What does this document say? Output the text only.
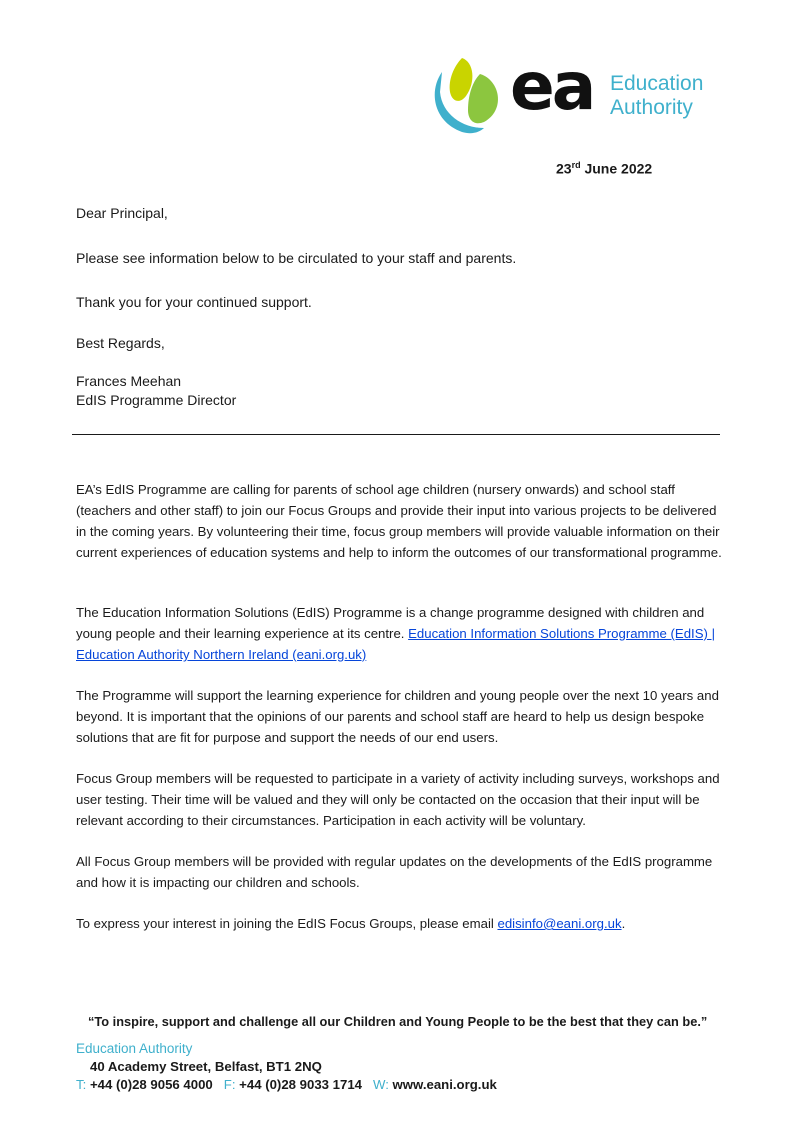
ea Education
Authority
23rd June 2022
Dear Principal,
Please see information below to be circulated to your staff and parents.
Thank you for your continued support.
Best Regards,
Frances Meehan
EdIS Programme Director
EA’s EdIS Programme are calling for parents of school age children (nursery onwards) and school staff (teachers and other staff) to join our Focus Groups and provide their input into various projects to be delivered in the coming years. By volunteering their time, focus group members will provide valuable information on their current experiences of education systems and help to inform the outcomes of our transformational programme.
The Education Information Solutions (EdIS) Programme is a change programme designed with children and young people and their learning experience at its centre. Education Information Solutions Programme (EdIS) | Education Authority Northern Ireland (eani.org.uk)
The Programme will support the learning experience for children and young people over the next 10 years and beyond. It is important that the opinions of our parents and school staff are heard to help us design bespoke solutions that are fit for purpose and support the needs of our end users.
Focus Group members will be requested to participate in a variety of activity including surveys, workshops and user testing. Their time will be valued and they will only be contacted on the occasion that their input will be relevant according to their circumstances. Participation in each activity will be voluntary.
All Focus Group members will be provided with regular updates on the developments of the EdIS programme and how it is impacting our children and schools.
To express your interest in joining the EdIS Focus Groups, please email edisinfo@eani.org.uk.
“To inspire, support and challenge all our Children and Young People to be the best that they can be.”
Education Authority
40 Academy Street, Belfast, BT1 2NQ
T: +44 (0)28 9056 4000 F: +44 (0)28 9033 1714 W: www.eani.org.uk
